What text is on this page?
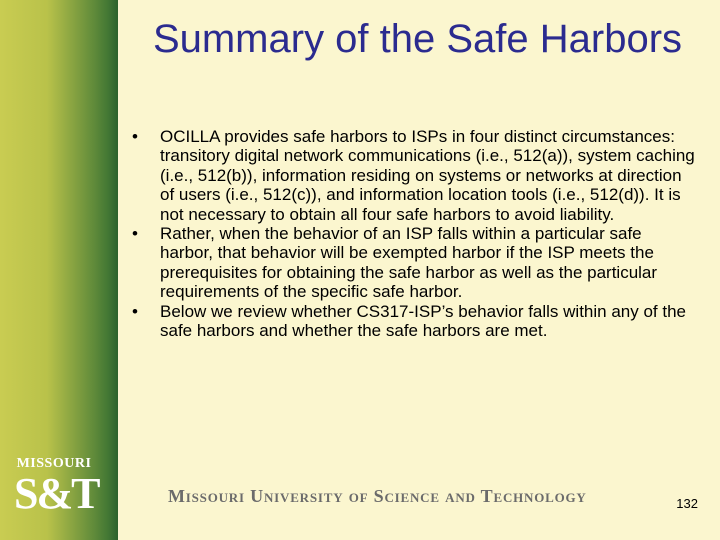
MISSOURI
S&T
Summary of the Safe Harbors
• OCILLA provides safe harbors to ISPs in four distinct circumstances: transitory digital network communications (i.e., 512(a)), system caching (i.e., 512(b)), information residing on systems or networks at direction of users (i.e., 512(c)), and information location tools (i.e., 512(d)). It is not necessary to obtain all four safe harbors to avoid liability.
• Rather, when the behavior of an ISP falls within a particular safe harbor, that behavior will be exempted harbor if the ISP meets the prerequisites for obtaining the safe harbor as well as the particular requirements of the specific safe harbor.
• Below we review whether CS317-ISP’s behavior falls within any of the safe harbors and whether the safe harbors are met.
Missouri University of Science and Technology	132
